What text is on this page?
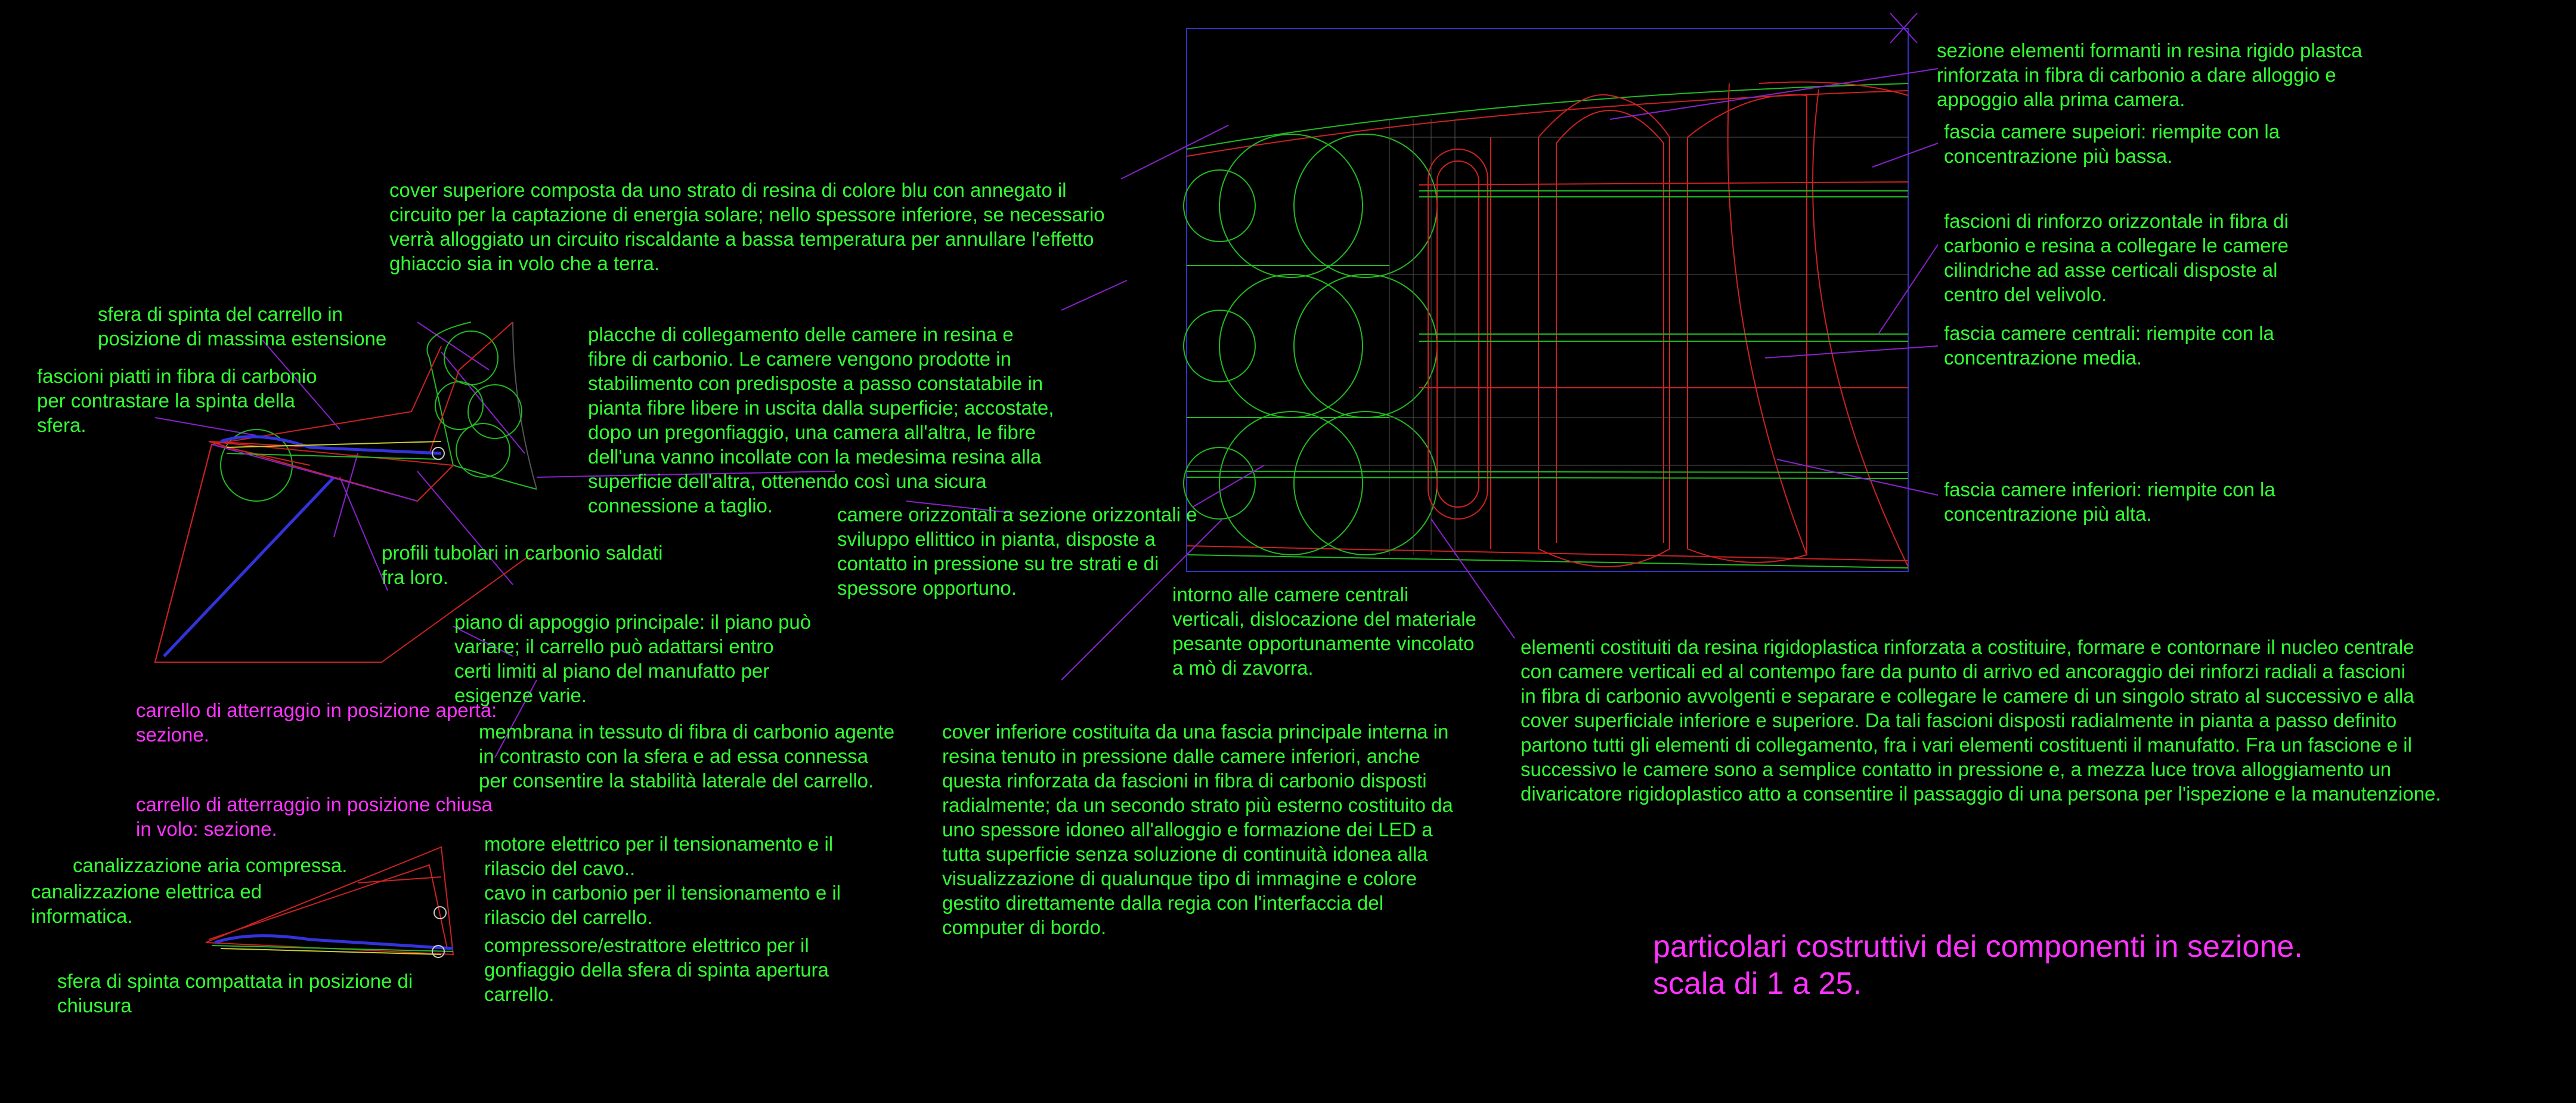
sezione elementi formanti in resina rigido plastca
rinforzata in fibra di carbonio a dare alloggio e
appoggio alla prima camera.

fascia camere supeiori: riempite con la
concentrazione più bassa.

fascioni di rinforzo orizzontale in fibra di
carbonio e resina a collegare le camere
cilindriche ad asse certicali disposte al
centro del velivolo.

fascia camere centrali: riempite con la
concentrazione media.

fascia camere inferiori: riempite con la
concentrazione più alta.

cover superiore composta da uno strato di resina di colore blu con annegato il
circuito per la captazione di energia solare; nello spessore inferiore, se necessario
verrà alloggiato un circuito riscaldante a bassa temperatura per annullare l'effetto
ghiaccio sia in volo che a terra.

sfera di spinta del carrello in
posizione di massima estensione

fascioni piatti in fibra di carbonio
per contrastare la spinta della
sfera.

placche di collegamento delle camere in resina e
fibre di carbonio. Le camere vengono prodotte in
stabilimento con predisposte a passo constatabile in
pianta fibre libere in uscita dalla superficie; accostate,
dopo un pregonfiaggio, una camera all'altra, le fibre
dell'una vanno incollate con la medesima resina alla
superficie dell'altra, ottenendo così una sicura
connessione a taglio.	camere orizzontali a sezione orizzontali e
sviluppo ellittico in pianta, disposte a
contatto in pressione su tre strati e di
spessore opportuno.

profili tubolari in carbonio saldati
fra loro.

intorno alle camere centrali
verticali, dislocazione del materiale
pesante opportunamente vincolato
a mò di zavorra.

elementi costituiti da resina rigidoplastica rinforzata a costituire, formare e contornare il nucleo centrale
con camere verticali ed al contempo fare da punto di arrivo ed ancoraggio dei rinforzi radiali a fascioni
in fibra di carbonio avvolgenti e separare e collegare le camere di un singolo strato al successivo e alla
cover superficiale inferiore e superiore. Da tali fascioni disposti radialmente in pianta a passo definito
partono tutti gli elementi di collegamento, fra i vari elementi costituenti il manufatto. Fra un fascione e il
successivo le camere sono a semplice contatto in pressione e, a mezza luce trova alloggiamento un
divaricatore rigidoplastico atto a consentire il passaggio di una persona per l'ispezione e la manutenzione.

piano di appoggio principale: il piano può
variare; il carrello può adattarsi entro
certi limiti al piano del manufatto per
esigenze varie.

carrello di atterraggio in posizione aperta:
sezione.	membrana in tessuto di fibra di carbonio agente
in contrasto con la sfera e ad essa connessa
per consentire la stabilità laterale del carrello.

cover inferiore costituita da una fascia principale interna in
resina tenuto in pressione dalle camere inferiori, anche
questa rinforzata da fascioni in fibra di carbonio disposti
radialmente; da un secondo strato più esterno costituito da
uno spessore idoneo all'alloggio e formazione dei LED a
tutta superficie senza soluzione di continuità idonea alla
visualizzazione di qualunque tipo di immagine e colore
gestito direttamente dalla regia con l'interfaccia del
computer di bordo.

carrello di atterraggio in posizione chiusa
in volo: sezione.

canalizzazione aria compressa.

motore elettrico per il tensionamento e il
rilascio del cavo..

canalizzazione elettrica ed
informatica.

cavo in carbonio per il tensionamento e il
rilascio del carrello.

compressore/estrattore elettrico per il
gonfiaggio della sfera di spinta apertura
carrello.

sfera di spinta compattata in posizione di
chiusura

particolari costruttivi dei componenti in sezione.
scala di 1 a 25.
